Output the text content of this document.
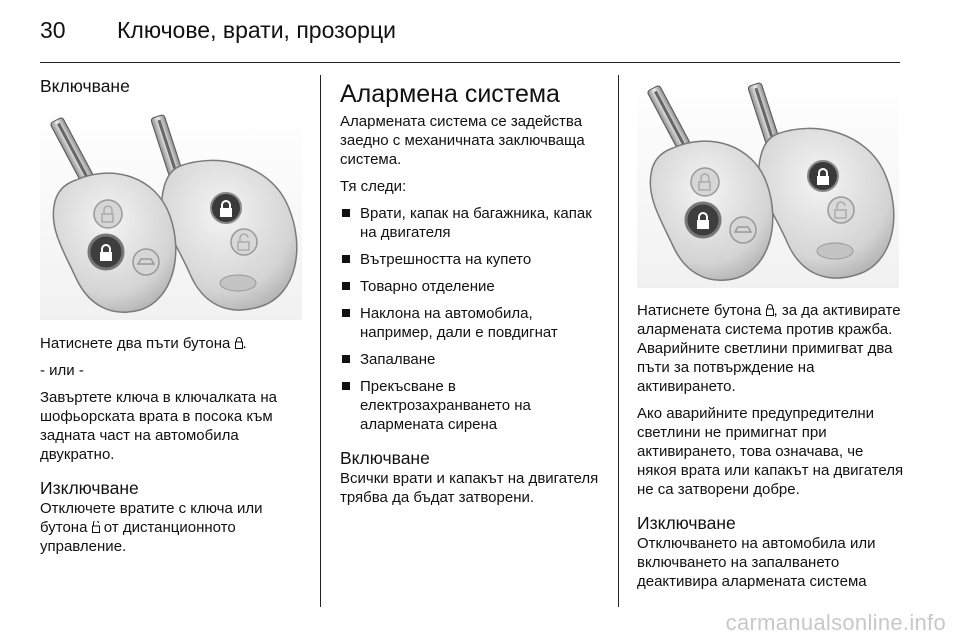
30 Ключове, врати, прозорци
Включване

Натиснете два пъти бутона .

- или -

Завъртете ключа в ключалката на шофьорската врата в посока към задната част на автомобила двукратно.

Изключване

Отключете вратите с ключа или бутона  от дистанционното управление.

Алармена система

Алармената система се задейства заедно с механичната заключваща система.

Тя следи:

Врати, капак на багажника, капак на двигателя
Вътрешността на купето
Товарно отделение
Наклона на автомобила, например, дали е повдигнат
Запалване
Прекъсване в електрозахранването на алармената сирена
Включване

Всички врати и капакът на двигателя трябва да бъдат затворени.

Натиснете бутона , за да активирате алармената система против кражба. Аварийните светлини примигват два пъти за потвърждение на активирането.

Ако аварийните предупредителни светлини не примигнат при активирането, това означава, че някоя врата или капакът на двигателя не са затворени добре.

Изключване

Отключването на автомобила или включването на запалването деактивира алармената система

carmanualsonline.info
